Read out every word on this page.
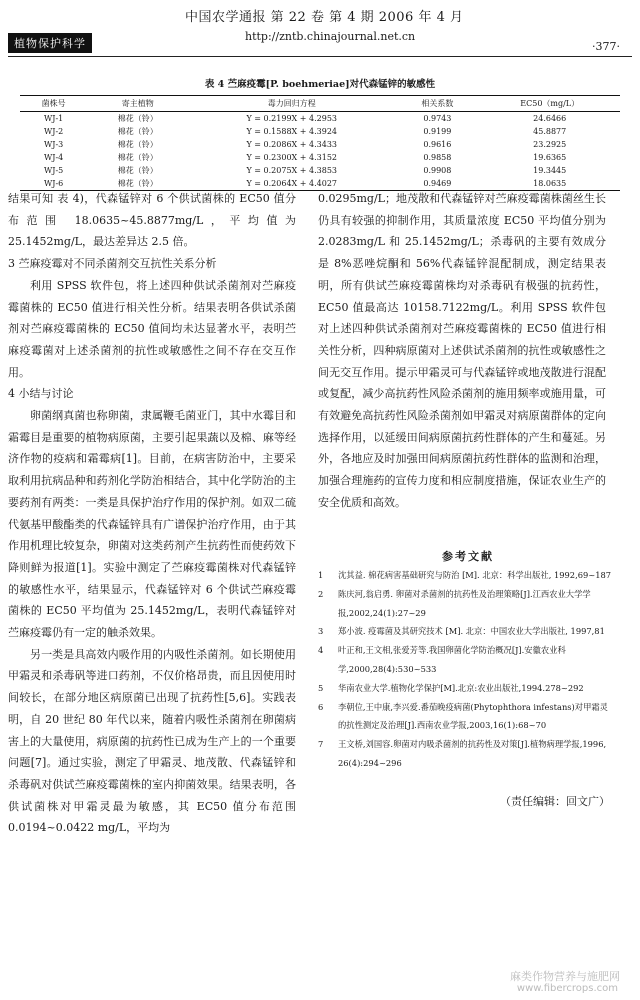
中国农学通报 第 22 卷 第 4 期 2006 年 4 月
植物保护科学
http://zntb.chinajournal.net.cn
·377·
表 4 苎麻疫霉[P. boehmeriae]对代森锰锌的敏感性
菌株号	寄主植物	毒力回归方程	相关系数	EC50（mg/L）
WJ-1	棉花（铃）	Y = 0.2199X + 4.2953	0.9743	24.6466
WJ-2	棉花（铃）	Y = 0.1588X + 4.3924	0.9199	45.8877
WJ-3	棉花（铃）	Y = 0.2086X + 4.3433	0.9616	23.2925
WJ-4	棉花（铃）	Y = 0.2300X + 4.3152	0.9858	19.6365
WJ-5	棉花（铃）	Y = 0.2075X + 4.3853	0.9908	19.3445
WJ-6	棉花（铃）	Y = 0.2064X + 4.4027	0.9469	18.0635

结果可知 表 4)，代森锰锌对 6 个供试菌株的 EC50 值分布范围 18.0635~45.8877mg/L，平均值为 25.1452mg/L，最达差异达 2.5 倍。

3 苎麻疫霉对不同杀菌剂交互抗性关系分析

利用 SPSS 软件包，将上述四种供试杀菌剂对苎麻疫霉菌株的 EC50 值进行相关性分析。结果表明各供试杀菌剂对苎麻疫霉菌株的 EC50 值间均未达显著水平，表明苎麻疫霉菌对上述杀菌剂的抗性或敏感性之间不存在交互作用。

4 小结与讨论

卵菌纲真菌也称卵菌，隶属鞭毛菌亚门，其中水霉目和霜霉目是重要的植物病原菌，主要引起果蔬以及棉、麻等经济作物的疫病和霜霉病[1]。目前，在病害防治中，主要采取利用抗病品种和药剂化学防治相结合，其中化学防治的主要药剂有两类：一类是具保护治疗作用的保护剂。如双二硫代氨基甲酸酯类的代森锰锌具有广谱保护治疗作用，由于其作用机理比较复杂，卵菌对这类药剂产生抗药性而使药效下降则鲜为报道[1]。实验中测定了苎麻疫霉菌株对代森锰锌的敏感性水平，结果显示，代森锰锌对 6 个供试苎麻疫霉菌株的 EC50 平均值为 25.1452mg/L，表明代森锰锌对苎麻疫霉仍有一定的触杀效果。

另一类是具高效内吸作用的内吸性杀菌剂。如长期使用甲霜灵和杀毒矾等进口药剂，不仅价格昂贵，而且因使用时间较长，在部分地区病原菌已出现了抗药性[5,6]。实践表明，自 20 世纪 80 年代以来，随着内吸性杀菌剂在卵菌病害上的大量使用，病原菌的抗药性已成为生产上的一个重要问题[7]。通过实验，测定了甲霜灵、地茂散、代森锰锌和杀毒矾对供试苎麻疫霉菌株的室内抑菌效果。结果表明，各供试菌株对甲霜灵最为敏感，其 EC50 值分布范围 0.0194~0.0422 mg/L，平均为

0.0295mg/L；地茂散和代森锰锌对苎麻疫霉菌株菌丝生长仍具有较强的抑制作用，其质量浓度 EC50 平均值分别为 2.0283mg/L 和 25.1452mg/L；杀毒矾的主要有效成分是 8%恶唑烷酮和 56%代森锰锌混配制成，测定结果表明，所有供试苎麻疫霉菌株均对杀毒矾有极强的抗药性，EC50 值最高达 10158.7122mg/L。利用 SPSS 软件包对上述四种供试杀菌剂对苎麻疫霉菌株的 EC50 值进行相关性分析，四种病原菌对上述供试杀菌剂的抗性或敏感性之间无交互作用。提示甲霜灵可与代森锰锌或地茂散进行混配或复配，减少高抗药性风险杀菌剂的施用频率或施用量，可有效避免高抗药性风险杀菌剂如甲霜灵对病原菌群体的定向选择作用，以延缓田间病原菌抗药性群体的产生和蔓延。另外，各地应及时加强田间病原菌抗药性群体的监测和治理，加强合理施药的宣传力度和相应制度措施，保证农业生产的安全优质和高效。

参考文献
1	沈其益. 棉花病害基础研究与防治 [M]. 北京：科学出版社, 1992,69~187
2	陈庆河,翁启勇. 卵菌对杀菌剂的抗药性及治理策略[J].江西农业大学学报,2002,24(1):27~29
3	郑小波. 疫霉菌及其研究技术 [M]. 北京：中国农业大学出版社, 1997,81
4	叶正和,王文相,张爱芳等.我国卵菌化学防治概况[J].安徽农业科学,2000,28(4):530~533
5	华南农业大学.植物化学保护[M].北京:农业出版社,1994.278~292
6	李朝位,王中康,李兴爱.番茄晚疫病菌(Phytophthora infestans)对甲霜灵的抗性测定及治理[J].西南农业学报,2003,16(1):68~70
7	王文桥,刘国容.卵菌对内吸杀菌剂的抗药性及对策[J].植物病理学报,1996, 26(4):294~296
（责任编辑：回文广）
麻类作物营养与施肥网
www.fibercrops.com
